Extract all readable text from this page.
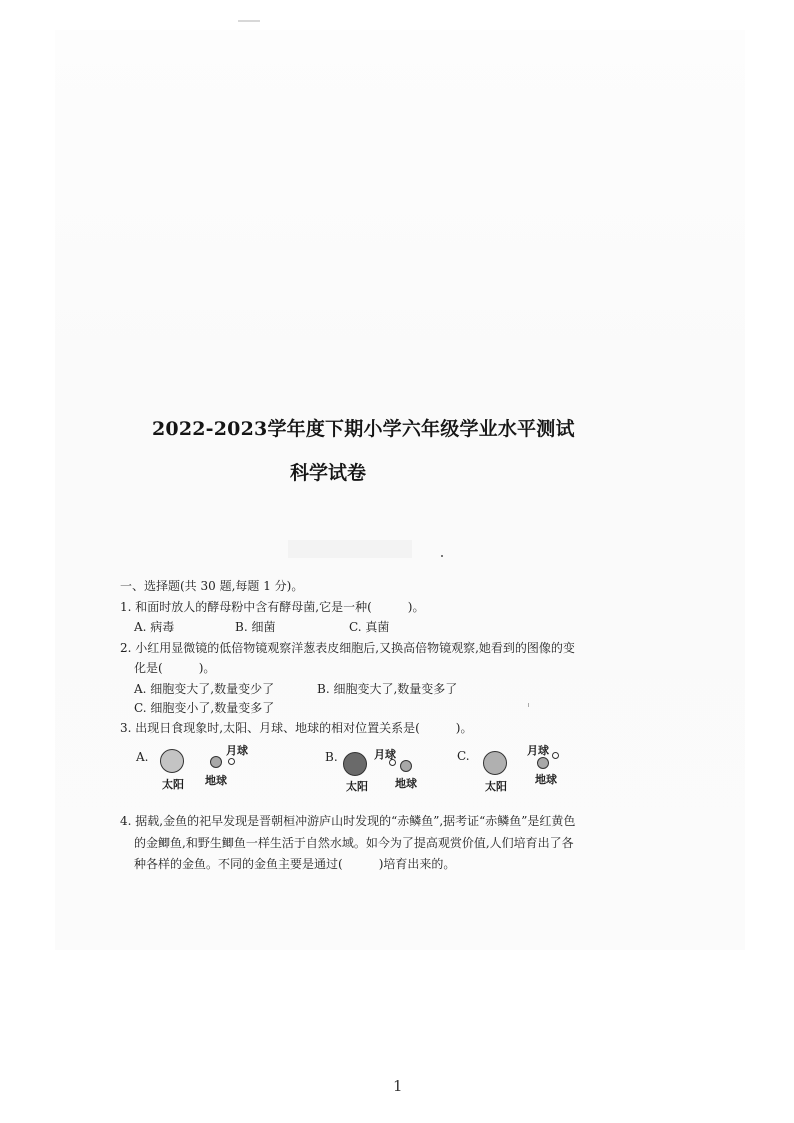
2022-2023学年度下期小学六年级学业水平测试
科学试卷
一、选择题(共 30 题,每题 1 分)。
1. 和面时放人的酵母粉中含有酵母菌,它是一种(	)。
A. 病毒	B. 细菌	C. 真菌
2. 小红用显微镜的低倍物镜观察洋葱表皮细胞后,又换高倍物镜观察,她看到的图像的变
化是(	)。
A. 细胞变大了,数量变少了	B. 细胞变大了,数量变多了
C. 细胞变小了,数量变多了
3. 出现日食现象时,太阳、月球、地球的相对位置关系是(	)。
A.	月球
太阳 地球
B.	月球
太阳 地球
C.	月球
太阳
地球
4. 据载,金鱼的祀早发现是晋朝桓冲游庐山时发现的“赤鳞鱼”,据考证“赤鳞鱼”是红黄色
的金鲫鱼,和野生鲫鱼一样生活于自然水域。如今为了提高观赏价值,人们培育出了各
种各样的金鱼。不同的金鱼主要是通过(	)培育出来的。
1
